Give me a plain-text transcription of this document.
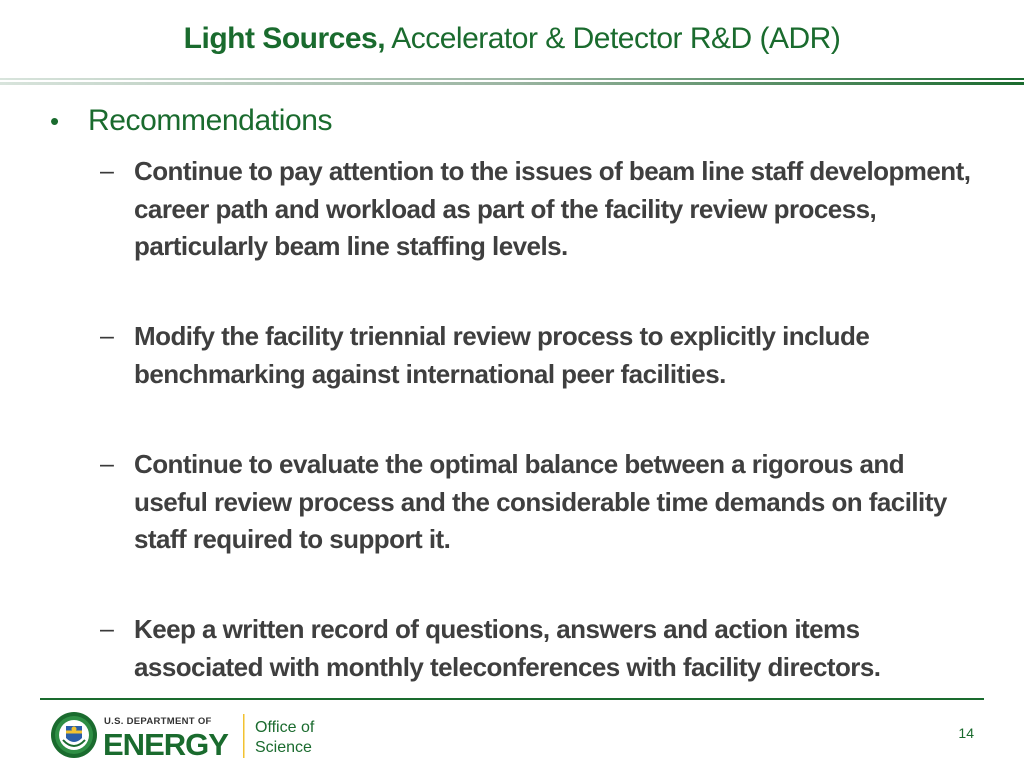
Light Sources, Accelerator & Detector R&D (ADR)
• Recommendations
– Continue to pay attention to the issues of beam line staff development, career path and workload as part of the facility review process, particularly beam line staffing levels.
– Modify the facility triennial review process to explicitly include benchmarking against international peer facilities.
– Continue to evaluate the optimal balance between a rigorous and useful review process and the considerable time demands on facility staff required to support it.
– Keep a written record of questions, answers and action items associated with monthly teleconferences with facility directors.
U.S. DEPARTMENT OF
ENERGY Office of
Science
14
